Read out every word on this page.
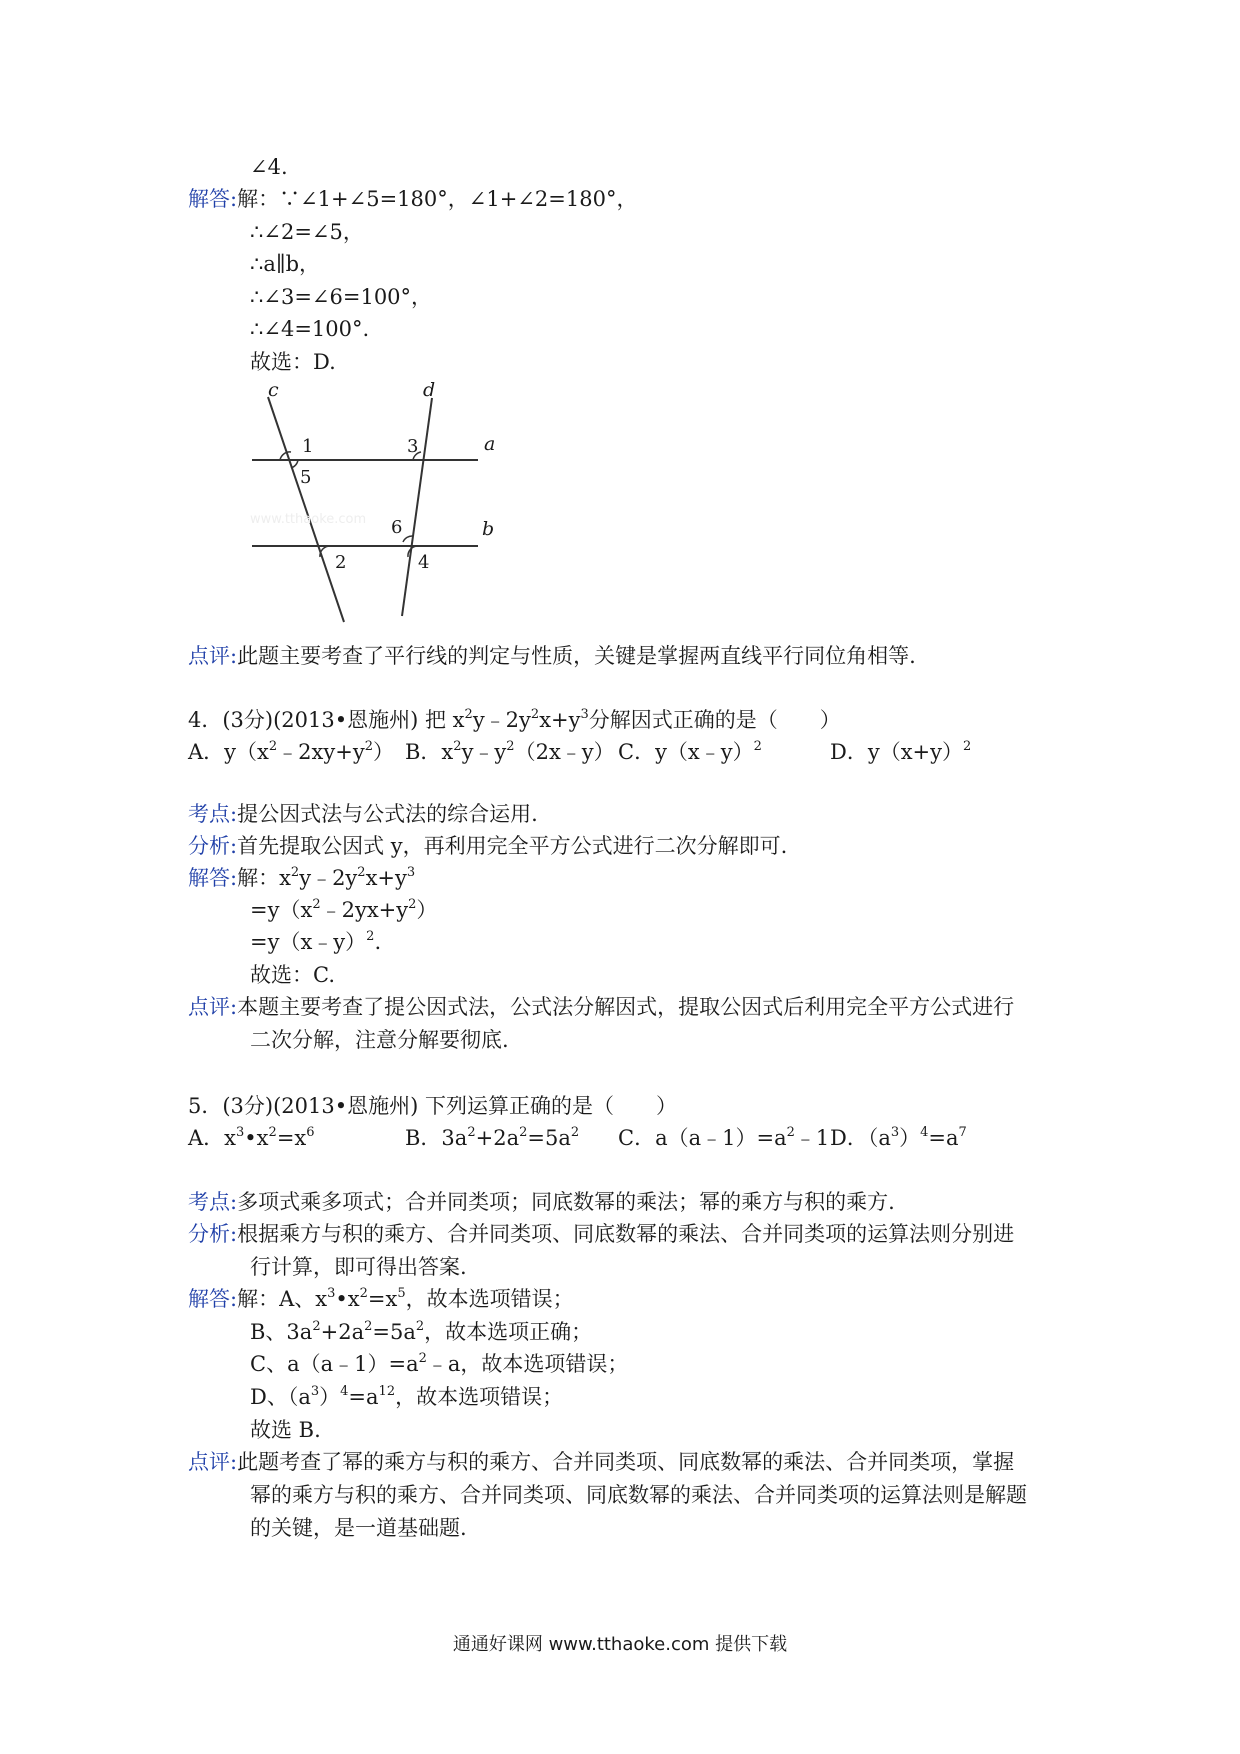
∠4.
解答:解：∵∠1+∠5=180°，∠1+∠2=180°，
∴∠2=∠5，
∴a∥b，
∴∠3=∠6=100°，
∴∠4=100°.
故选：D.
c	d
a
b
1
5
3
6
2	4
www.tthaoke.com
点评:此题主要考查了平行线的判定与性质，关键是掌握两直线平行同位角相等.
4．(3分)(2013•恩施州) 把 $x^2y﹣2y^2x+y^3$分解因式正确的是（　　）
A．$y(x^2﹣2xy+y^2)$ B．$x^2y﹣y^2(2x﹣y)$ C．y（x﹣y）$^2$	D．$y(x+y)^2$
考点:提公因式法与公式法的综合运用.
分析:首先提取公因式 y，再利用完全平方公式进行二次分解即可.
解答:解：$x^2y﹣2y^2x+y^3$
$=y(x^2﹣2yx+y^2)$
=y（x﹣y）$^2$.
故选：C.
点评:本题主要考查了提公因式法，公式法分解因式，提取公因式后利用完全平方公式进行
二次分解，注意分解要彻底.
5．(3分)(2013•恩施州) 下列运算正确的是（　　）
A．$x^3•x^2=x^6$	B．$3a^2+2a^2=5a^2$ C．$a(a﹣1)=a^2﹣1$ D．$(a^3)^4=a^7$
考点:多项式乘多项式；合并同类项；同底数幂的乘法；幂的乘方与积的乘方.
分析:根据乘方与积的乘方、合并同类项、同底数幂的乘法、合并同类项的运算法则分别进
行计算，即可得出答案.
解答:解：A、$x^3•x^2=x^5$，故本选项错误；
B、$3a^2+2a^2=5a^2$，故本选项正确；
C、$a(a﹣1)=a^2﹣a$，故本选项错误；
D、$(a^3)^4=a^{12}$，故本选项错误；
故选 B.
点评:此题考查了幂的乘方与积的乘方、合并同类项、同底数幂的乘法、合并同类项，掌握
幂的乘方与积的乘方、合并同类项、同底数幂的乘法、合并同类项的运算法则是解题
的关键，是一道基础题.
通通好课网 www.tthaoke.com 提供下载
